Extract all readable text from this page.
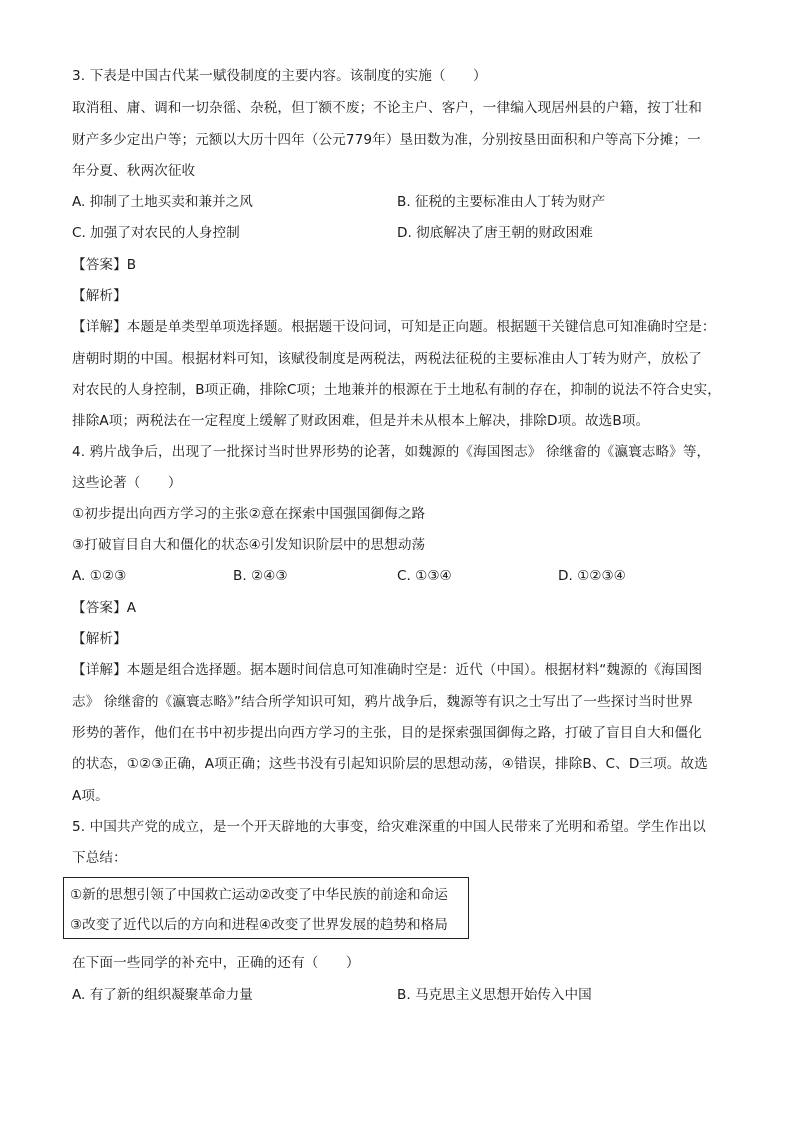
3. 下表是中国古代某一赋役制度的主要内容。该制度的实施（　　）
取消租、庸、调和一切杂徭、杂税，但丁额不废；不论主户、客户，一律编入现居州县的户籍，按丁壮和
财产多少定出户等；元额以大历十四年（公元779年）垦田数为准，分别按垦田面积和户等高下分摊；一
年分夏、秋两次征收
A. 抑制了土地买卖和兼并之风	B. 征税的主要标准由人丁转为财产
C. 加强了对农民的人身控制	D. 彻底解决了唐王朝的财政困难
【答案】B
【解析】
【详解】本题是单类型单项选择题。根据题干设问词，可知是正向题。根据题干关键信息可知准确时空是：
唐朝时期的中国。根据材料可知，该赋役制度是两税法，两税法征税的主要标准由人丁转为财产，放松了
对农民的人身控制，B项正确，排除C项；土地兼并的根源在于土地私有制的存在，抑制的说法不符合史实，
排除A项；两税法在一定程度上缓解了财政困难，但是并未从根本上解决，排除D项。故选B项。
4. 鸦片战争后，出现了一批探讨当时世界形势的论著，如魏源的《海国图志》 徐继畲的《瀛寰志略》等，
这些论著（　　）
①初步提出向西方学习的主张②意在探索中国强国御侮之路
③打破盲目自大和僵化的状态④引发知识阶层中的思想动荡
A. ①②③	B. ②④③	C. ①③④	D. ①②③④
【答案】A
【解析】
【详解】本题是组合选择题。据本题时间信息可知准确时空是：近代（中国）。根据材料“魏源的《海国图
志》 徐继畲的《瀛寰志略》”结合所学知识可知，鸦片战争后，魏源等有识之士写出了一些探讨当时世界
形势的著作，他们在书中初步提出向西方学习的主张，目的是探索强国御侮之路，打破了盲目自大和僵化
的状态，①②③正确，A项正确；这些书没有引起知识阶层的思想动荡，④错误，排除B、C、D三项。故选
A项。
5. 中国共产党的成立，是一个开天辟地的大事变，给灾难深重的中国人民带来了光明和希望。学生作出以
下总结：
①新的思想引领了中国救亡运动②改变了中华民族的前途和命运
③改变了近代以后的方向和进程④改变了世界发展的趋势和格局
在下面一些同学的补充中，正确的还有（　　）
A. 有了新的组织凝聚革命力量	B. 马克思主义思想开始传入中国
